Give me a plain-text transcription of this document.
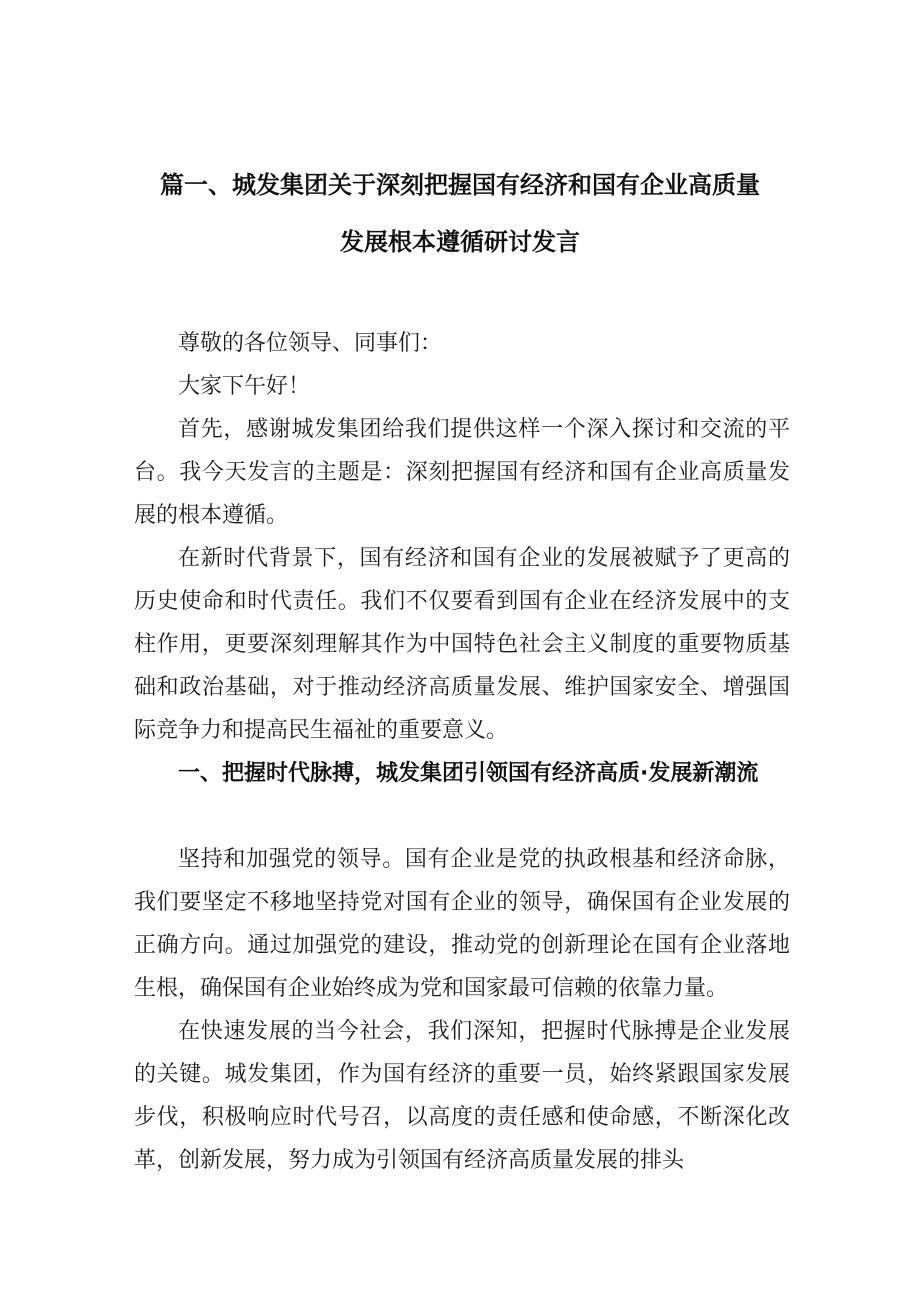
篇一、城发集团关于深刻把握国有经济和国有企业高质量
发展根本遵循研讨发言
尊敬的各位领导、同事们：
大家下午好！
首先，感谢城发集团给我们提供这样一个深入探讨和交流的平台。我今天发言的主题是：深刻把握国有经济和国有企业高质量发展的根本遵循。
在新时代背景下，国有经济和国有企业的发展被赋予了更高的历史使命和时代责任。我们不仅要看到国有企业在经济发展中的支柱作用，更要深刻理解其作为中国特色社会主义制度的重要物质基础和政治基础，对于推动经济高质量发展、维护国家安全、增强国际竞争力和提高民生福祉的重要意义。
一、把握时代脉搏，城发集团引领国有经济高质·发展新潮流
坚持和加强党的领导。国有企业是党的执政根基和经济命脉，我们要坚定不移地坚持党对国有企业的领导，确保国有企业发展的正确方向。通过加强党的建设，推动党的创新理论在国有企业落地生根，确保国有企业始终成为党和国家最可信赖的依靠力量。
在快速发展的当今社会，我们深知，把握时代脉搏是企业发展的关键。城发集团，作为国有经济的重要一员，始终紧跟国家发展步伐，积极响应时代号召，以高度的责任感和使命感，不断深化改革，创新发展，努力成为引领国有经济高质量发展的排头
